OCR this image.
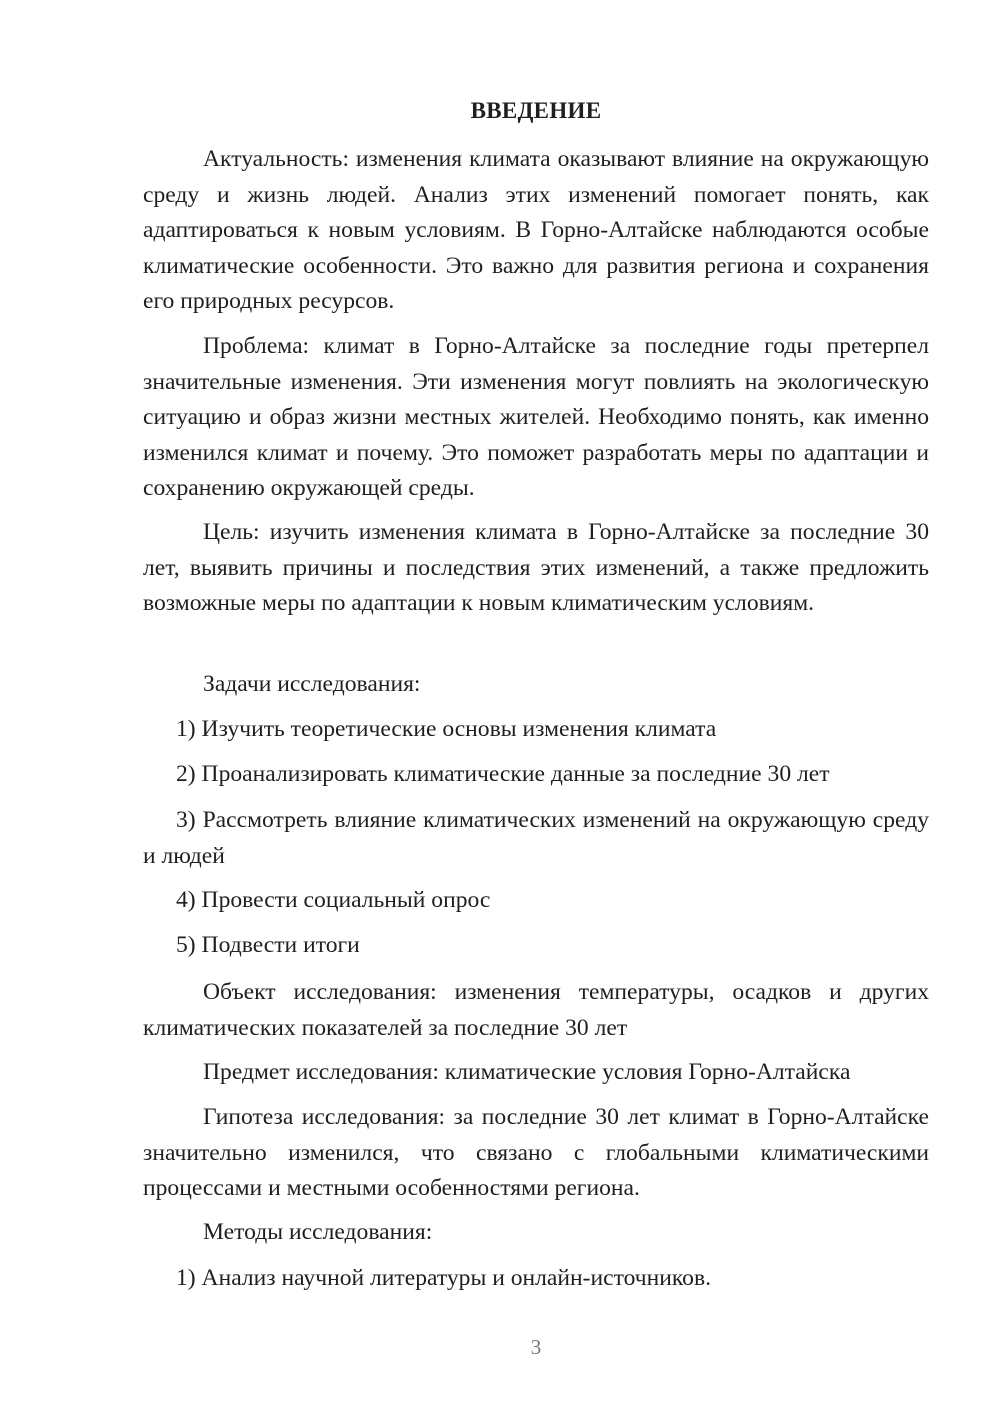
ВВЕДЕНИЕ

Актуальность: изменения климата оказывают влияние на окружающую среду и жизнь людей. Анализ этих изменений помогает понять, как адаптироваться к новым условиям. В Горно-Алтайске наблюдаются особые климатические особенности. Это важно для развития региона и сохранения его природных ресурсов.

Проблема: климат в Горно-Алтайске за последние годы претерпел значительные изменения. Эти изменения могут повлиять на экологическую ситуацию и образ жизни местных жителей. Необходимо понять, как именно изменился климат и почему. Это поможет разработать меры по адаптации и сохранению окружающей среды.

Цель: изучить изменения климата в Горно-Алтайске за последние 30 лет, выявить причины и последствия этих изменений, а также предложить возможные меры по адаптации к новым климатическим условиям.

Задачи исследования:

1) Изучить теоретические основы изменения климата

2) Проанализировать климатические данные за последние 30 лет

3) Рассмотреть влияние климатических изменений на окружающую среду и людей

4) Провести социальный опрос

5) Подвести итоги

Объект исследования: изменения температуры, осадков и других климатических показателей за последние 30 лет

Предмет исследования: климатические условия Горно-Алтайска

Гипотеза исследования: за последние 30 лет климат в Горно-Алтайске значительно изменился, что связано с глобальными климатическими процессами и местными особенностями региона.

Методы исследования:

1) Анализ научной литературы и онлайн-источников.

3
